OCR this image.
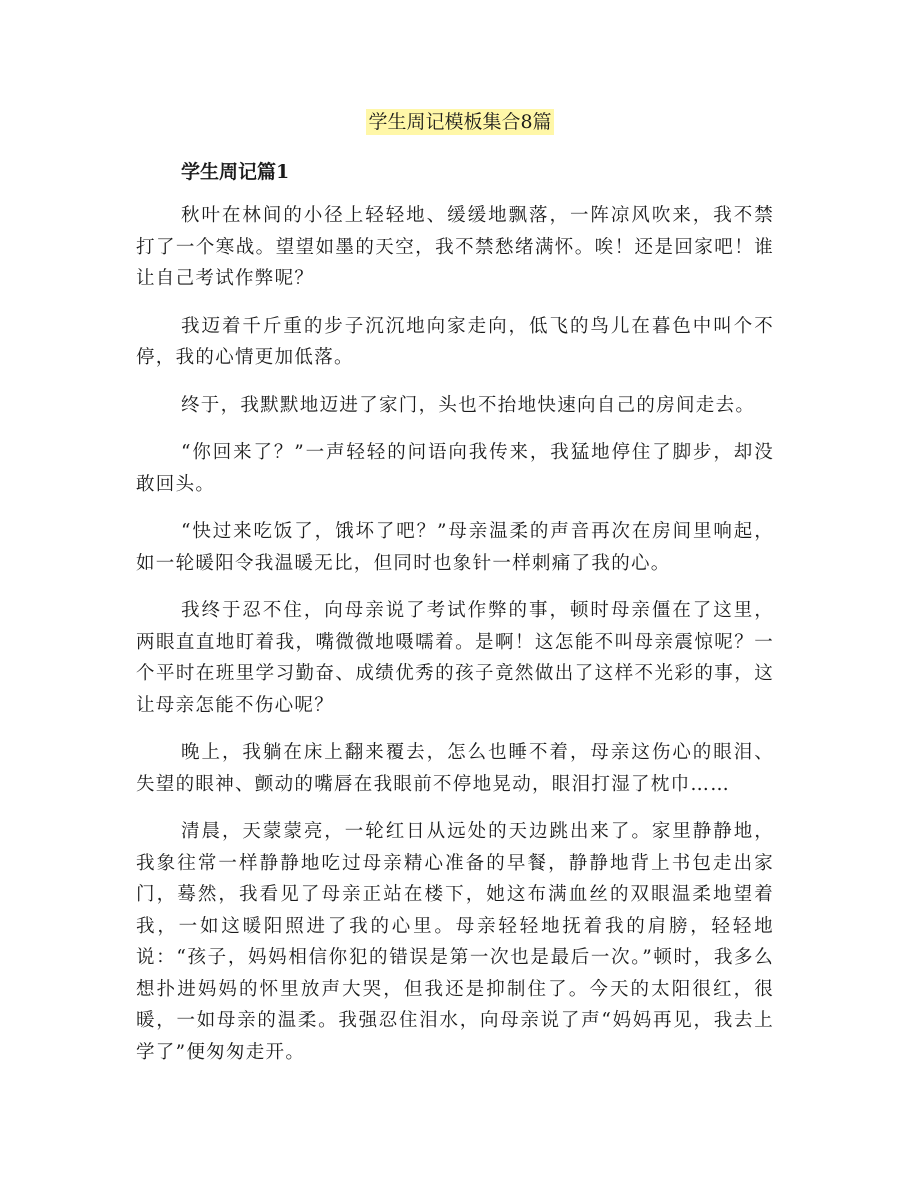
学生周记模板集合8篇
学生周记篇1

秋叶在林间的小径上轻轻地、缓缓地飘落，一阵凉风吹来，我不禁打了一个寒战。望望如墨的天空，我不禁愁绪满怀。唉！还是回家吧！谁让自己考试作弊呢？

我迈着千斤重的步子沉沉地向家走向，低飞的鸟儿在暮色中叫个不停，我的心情更加低落。

终于，我默默地迈进了家门，头也不抬地快速向自己的房间走去。

“你回来了？”一声轻轻的问语向我传来，我猛地停住了脚步，却没敢回头。

“快过来吃饭了，饿坏了吧？”母亲温柔的声音再次在房间里响起，如一轮暖阳令我温暖无比，但同时也象针一样刺痛了我的心。

我终于忍不住，向母亲说了考试作弊的事，顿时母亲僵在了这里，两眼直直地盯着我，嘴微微地嗫嚅着。是啊！这怎能不叫母亲震惊呢？一个平时在班里学习勤奋、成绩优秀的孩子竟然做出了这样不光彩的事，这让母亲怎能不伤心呢？

晚上，我躺在床上翻来覆去，怎么也睡不着，母亲这伤心的眼泪、失望的眼神、颤动的嘴唇在我眼前不停地晃动，眼泪打湿了枕巾……

清晨，天蒙蒙亮，一轮红日从远处的天边跳出来了。家里静静地，我象往常一样静静地吃过母亲精心准备的早餐，静静地背上书包走出家门，蓦然，我看见了母亲正站在楼下，她这布满血丝的双眼温柔地望着我，一如这暖阳照进了我的心里。母亲轻轻地抚着我的肩膀，轻轻地说：“孩子，妈妈相信你犯的错误是第一次也是最后一次。”顿时，我多么想扑进妈妈的怀里放声大哭，但我还是抑制住了。今天的太阳很红，很暖，一如母亲的温柔。我强忍住泪水，向母亲说了声“妈妈再见，我去上学了”便匆匆走开。
